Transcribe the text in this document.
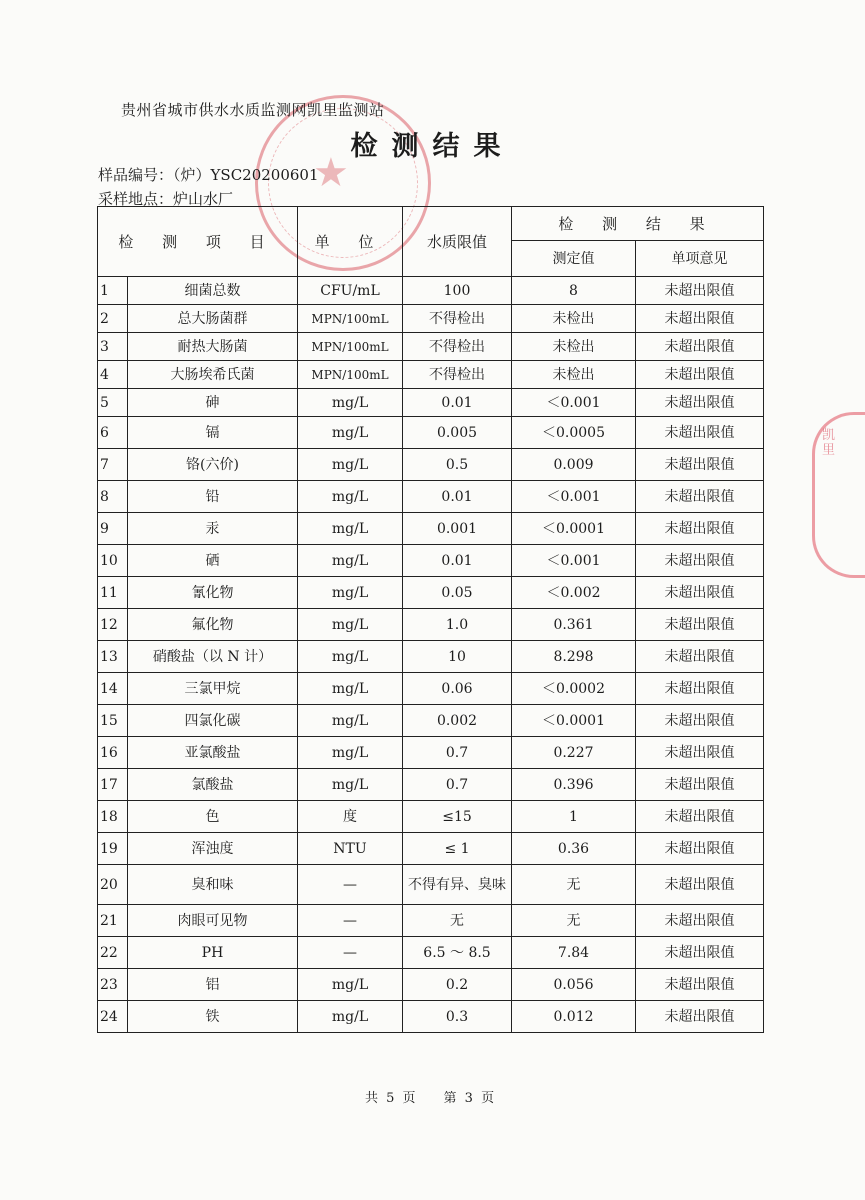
★
凯里
贵州省城市供水水质监测网凯里监测站
检测结果
样品编号：（炉）YSC20200601
采样地点：炉山水厂
检 测 项 目		单 位	水质限值	检 测 结 果	
				测定值	单项意见
1	细菌总数	CFU/mL	100	8	未超出限值
2	总大肠菌群	MPN/100mL	不得检出	未检出	未超出限值
3	耐热大肠菌	MPN/100mL	不得检出	未检出	未超出限值
4	大肠埃希氏菌	MPN/100mL	不得检出	未检出	未超出限值
5	砷	mg/L	0.01	＜0.001	未超出限值
6	镉	mg/L	0.005	＜0.0005	未超出限值
7	铬(六价)	mg/L	0.5	0.009	未超出限值
8	铅	mg/L	0.01	＜0.001	未超出限值
9	汞	mg/L	0.001	＜0.0001	未超出限值
10	硒	mg/L	0.01	＜0.001	未超出限值
11	氰化物	mg/L	0.05	＜0.002	未超出限值
12	氟化物	mg/L	1.0	0.361	未超出限值
13	硝酸盐（以 N 计）	mg/L	10	8.298	未超出限值
14	三氯甲烷	mg/L	0.06	＜0.0002	未超出限值
15	四氯化碳	mg/L	0.002	＜0.0001	未超出限值
16	亚氯酸盐	mg/L	0.7	0.227	未超出限值
17	氯酸盐	mg/L	0.7	0.396	未超出限值
18	色	度	≤15	1	未超出限值
19	浑浊度	NTU	≤ 1	0.36	未超出限值
20	臭和味	—	不得有异、臭味	无	未超出限值
21	肉眼可见物	—	无	无	未超出限值
22	PH	—	6.5 ～ 8.5	7.84	未超出限值
23	铝	mg/L	0.2	0.056	未超出限值
24	铁	mg/L	0.3	0.012	未超出限值
共 5 页 第 3 页
